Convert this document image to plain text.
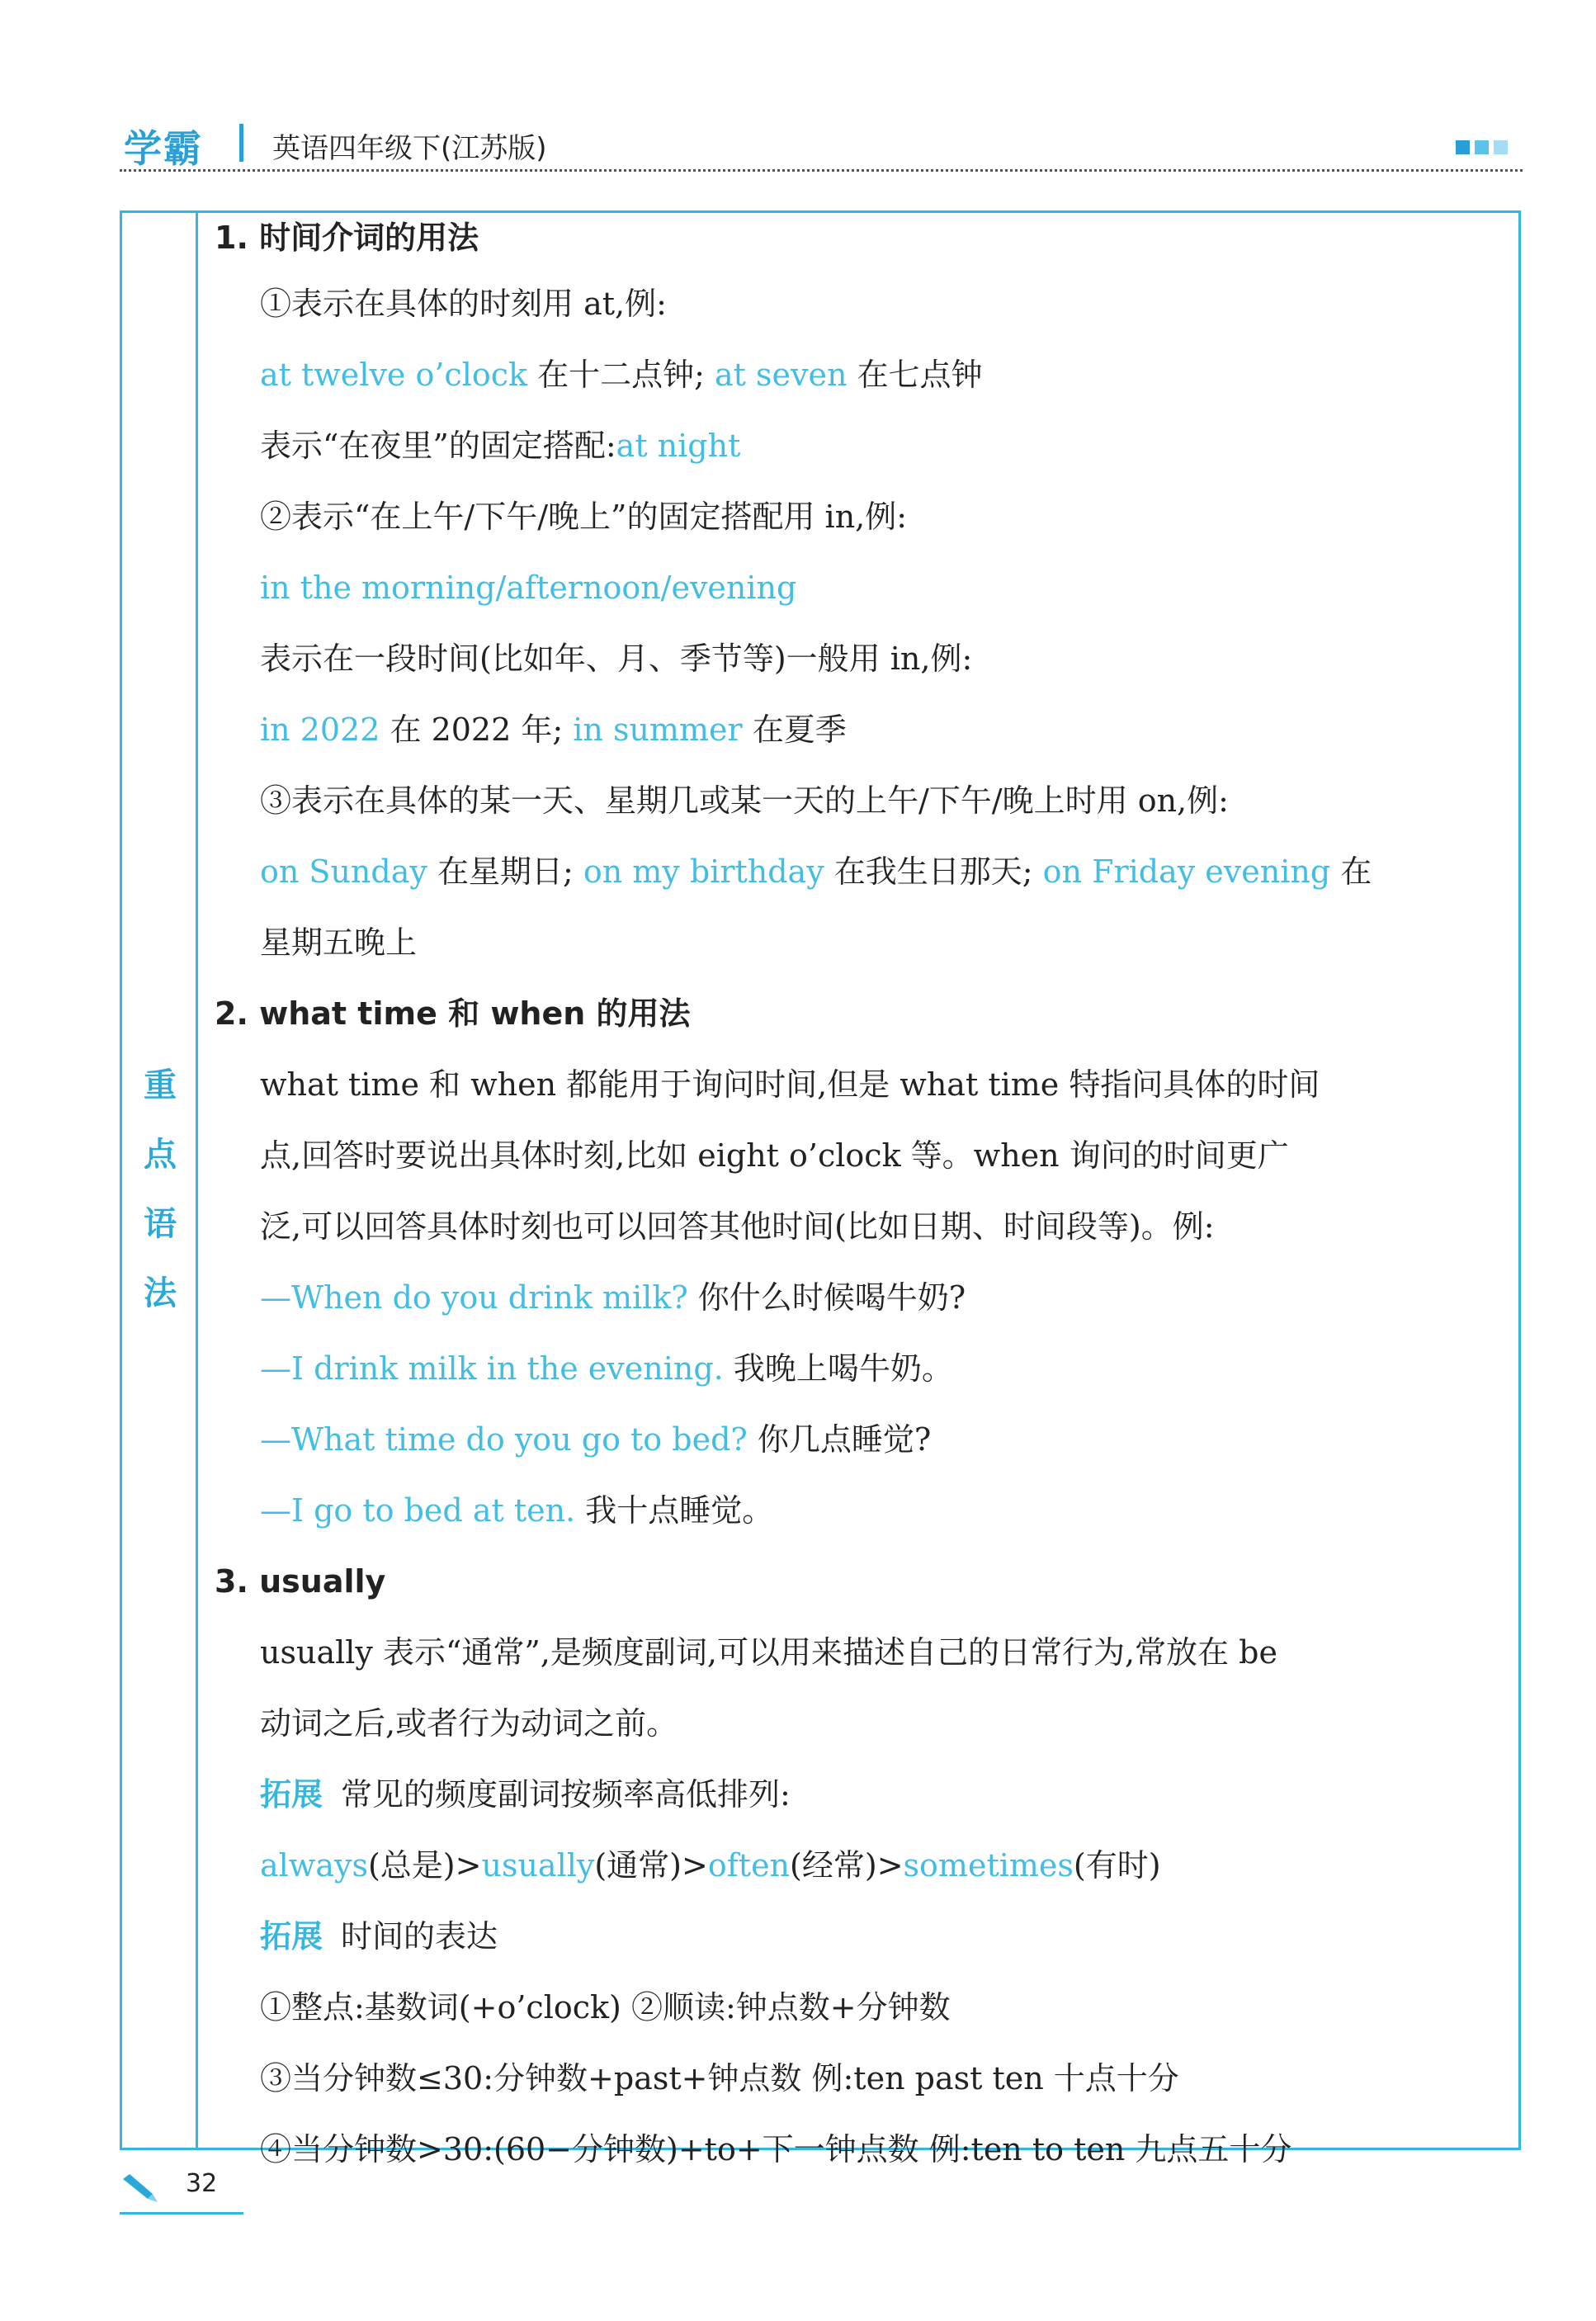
学霸 英语四年级下(江苏版)
重
点
语
法
1. 时间介词的用法
①表示在具体的时刻用 at,例:
at twelve o’clock 在十二点钟; at seven 在七点钟
表示“在夜里”的固定搭配:at night
②表示“在上午/下午/晚上”的固定搭配用 in,例:
in the morning/afternoon/evening
表示在一段时间(比如年、月、季节等)一般用 in,例:
in 2022 在 2022 年; in summer 在夏季
③表示在具体的某一天、星期几或某一天的上午/下午/晚上时用 on,例:
on Sunday 在星期日; on my birthday 在我生日那天; on Friday evening 在
星期五晚上
2. what time 和 when 的用法
what time 和 when 都能用于询问时间,但是 what time 特指问具体的时间
点,回答时要说出具体时刻,比如 eight o’clock 等。when 询问的时间更广
泛,可以回答具体时刻也可以回答其他时间(比如日期、时间段等)。例:
—When do you drink milk? 你什么时候喝牛奶?
—I drink milk in the evening. 我晚上喝牛奶。
—What time do you go to bed? 你几点睡觉?
—I go to bed at ten. 我十点睡觉。
3. usually
usually 表示“通常”,是频度副词,可以用来描述自己的日常行为,常放在 be
动词之后,或者行为动词之前。
拓展 常见的频度副词按频率高低排列:
always(总是)>usually(通常)>often(经常)>sometimes(有时)
拓展 时间的表达
①整点:基数词(+o’clock) ②顺读:钟点数+分钟数
③当分钟数≤30:分钟数+past+钟点数 例:ten past ten 十点十分
④当分钟数>30:(60−分钟数)+to+下一钟点数 例:ten to ten 九点五十分
32
